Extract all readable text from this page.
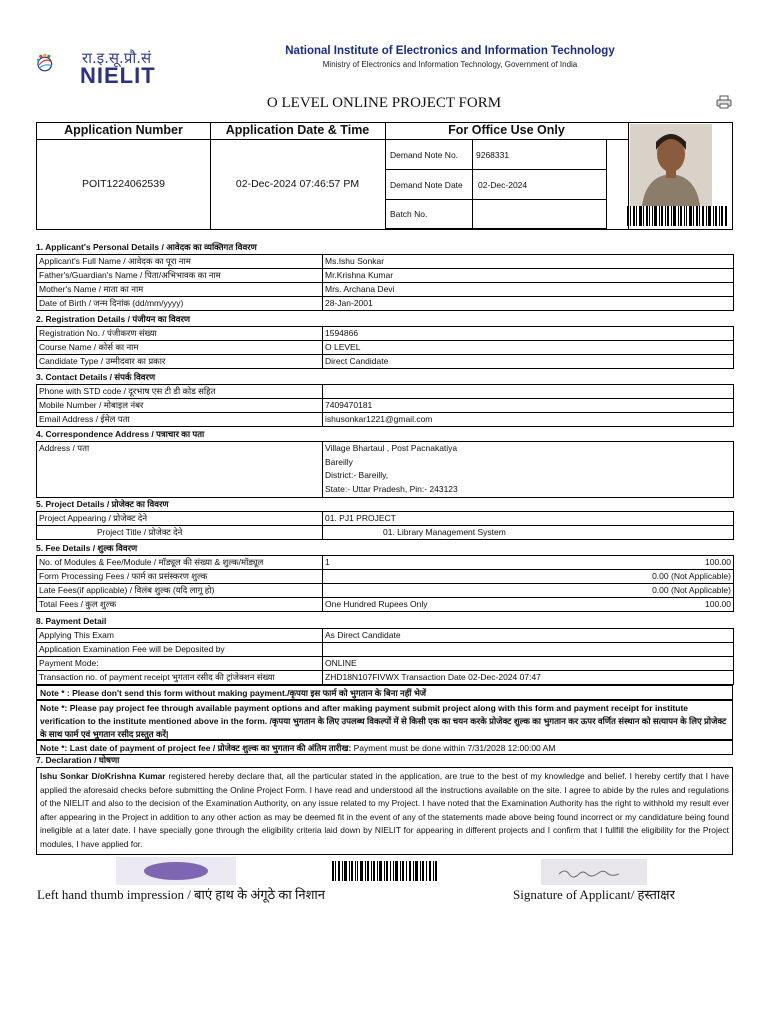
रा.इ.सू.प्रौ.सं
NIELIT
National Institute of Electronics and Information Technology
Ministry of Electronics and Information Technology, Government of India
O LEVEL ONLINE PROJECT FORM
Application Number	Application Date & Time	For Office Use Only
POIT1224062539	02-Dec-2024 07:46:57 PM
Demand Note No. 9268331
Demand Note Date 02-Dec-2024
Batch No.
1. Applicant's Personal Details / आवेदक का व्यक्तिगत विवरण
Applicant's Full Name / आवेदक का पूरा नाम	Ms.Ishu Sonkar
Father's/Guardian's Name / पिता/अभिभावक का नाम	Mr.Krishna Kumar
Mother's Name / माता का नाम	Mrs. Archana Devi
Date of Birth / जन्म दिनांक (dd/mm/yyyy)	28-Jan-2001
2. Registration Details / पंजीयन का विवरण
Registration No. / पंजीकरण संख्या	1594866
Course Name / कोर्स का नाम	O LEVEL
Candidate Type / उम्मीदवार का प्रकार	Direct Candidate
3. Contact Details / संपर्क विवरण
Phone with STD code / दूरभाष एस टी डी कोड सहित	
Mobile Number / मोबाइल नंबर	7409470181
Email Address / ईमेल पता	ishusonkar1221@gmail.com
4. Correspondence Address / पत्राचार का पता
Address / पता	Village Bhartaul , Post Pacnakatiya
Bareilly
District:- Bareilly,
State:- Uttar Pradesh, Pin:- 243123
5. Project Details / प्रोजेक्ट का विवरण
Project Appearing / प्रोजेक्ट देने	01. PJ1 PROJECT
Project Title / प्रोजेक्ट देने	01. Library Management System
5. Fee Details / शुल्क विवरण
No. of Modules & Fee/Module / मॉड्यूल की संख्या & शुल्क/मॉड्यूल	1	100.00
Form Processing Fees / फार्म का प्रसंस्करण शुल्क		0.00 (Not Applicable)
Late Fees(if applicable) / विलंब शुल्क (यदि लागू हो)		0.00 (Not Applicable)
Total Fees / कुल शुल्क	One Hundred Rupees Only	100.00
8. Payment Detail
Applying This Exam	As Direct Candidate
Application Examination Fee will be Deposited by	
Payment Mode:	ONLINE
Transaction no. of payment receipt भुगतान रसीद की ट्रांजेक्शन संख्या	ZHD18N107FIVWX Transaction Date 02-Dec-2024 07:47
Note * : Please don't send this form without making payment./कृपया इस फार्म को भुगतान के बिना नहीं भेजें
Note *: Please pay project fee through available payment options and after making payment submit project along with this form and payment receipt for institute verification to the institute mentioned above in the form. /कृपया भुगतान के लिए उपलब्ध विकल्पों में से किसी एक का चयन करके प्रोजेक्ट शुल्क का भुगतान कर ऊपर वर्णित संस्थान को सत्यापन के लिए प्रोजेक्ट के साथ फार्म एवं भुगतान रसीद प्रस्तुत करें|
Note *: Last date of payment of project fee / प्रोजेक्ट शुल्क का भुगतान की अंतिम तारीख: Payment must be done within 7/31/2028 12:00:00 AM
7. Declaration / घोषणा
Ishu Sonkar D/oKrishna Kumar registered hereby declare that, all the particular stated in the application, are true to the best of my knowledge and belief. I hereby certify that I have applied the aforesaid checks before submitting the Online Project Form. I have read and understood all the instructions available on the site. I agree to abide by the rules and regulations of the NIELIT and also to the decision of the Examination Authority, on any issue related to my Project. I have noted that the Examination Authority has the right to withhold my result ever after appearing in the Project in addition to any other action as may be deemed fit in the event of any of the statements made above being found incorrect or my candidature being found ineligible at a later date. I have specially gone through the eligibility criteria laid down by NIELIT for appearing in different projects and I confirm that I fullfill the eligibility for the Project modules, I have applied for.
Left hand thumb impression / बाएं हाथ के अंगूठे का निशान	Signature of Applicant/ हस्ताक्षर
